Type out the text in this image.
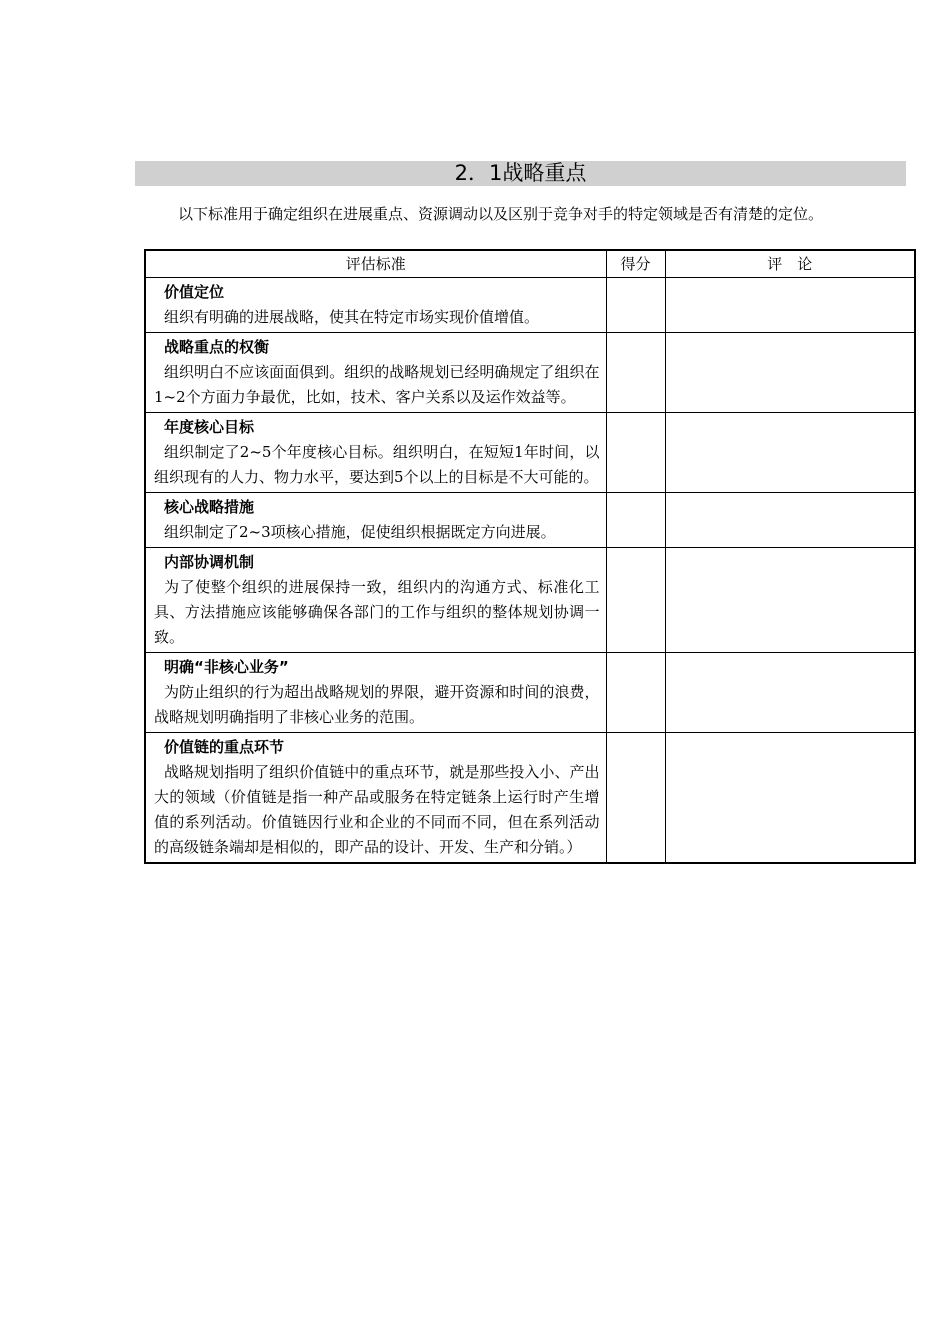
2．1战略重点
以下标准用于确定组织在进展重点、资源调动以及区别于竞争对手的特定领域是否有清楚的定位。
评估标准	得分	评　论

价值定位
组织有明确的进展战略，使其在特定市场实现价值增值。		

战略重点的权衡
组织明白不应该面面俱到。组织的战略规划已经明确规定了组织在1~2个方面力争最优，比如，技术、客户关系以及运作效益等。		

年度核心目标
组织制定了2~5个年度核心目标。组织明白，在短短1年时间，以组织现有的人力、物力水平，要达到5个以上的目标是不大可能的。		

核心战略措施
组织制定了2~3项核心措施，促使组织根据既定方向进展。		

内部协调机制
为了使整个组织的进展保持一致，组织内的沟通方式、标准化工具、方法措施应该能够确保各部门的工作与组织的整体规划协调一致。		

明确“非核心业务”
为防止组织的行为超出战略规划的界限，避开资源和时间的浪费，战略规划明确指明了非核心业务的范围。		

价值链的重点环节
战略规划指明了组织价值链中的重点环节，就是那些投入小、产出大的领域（价值链是指一种产品或服务在特定链条上运行时产生增值的系列活动。价值链因行业和企业的不同而不同，但在系列活动的高级链条端却是相似的，即产品的设计、开发、生产和分销。）		
